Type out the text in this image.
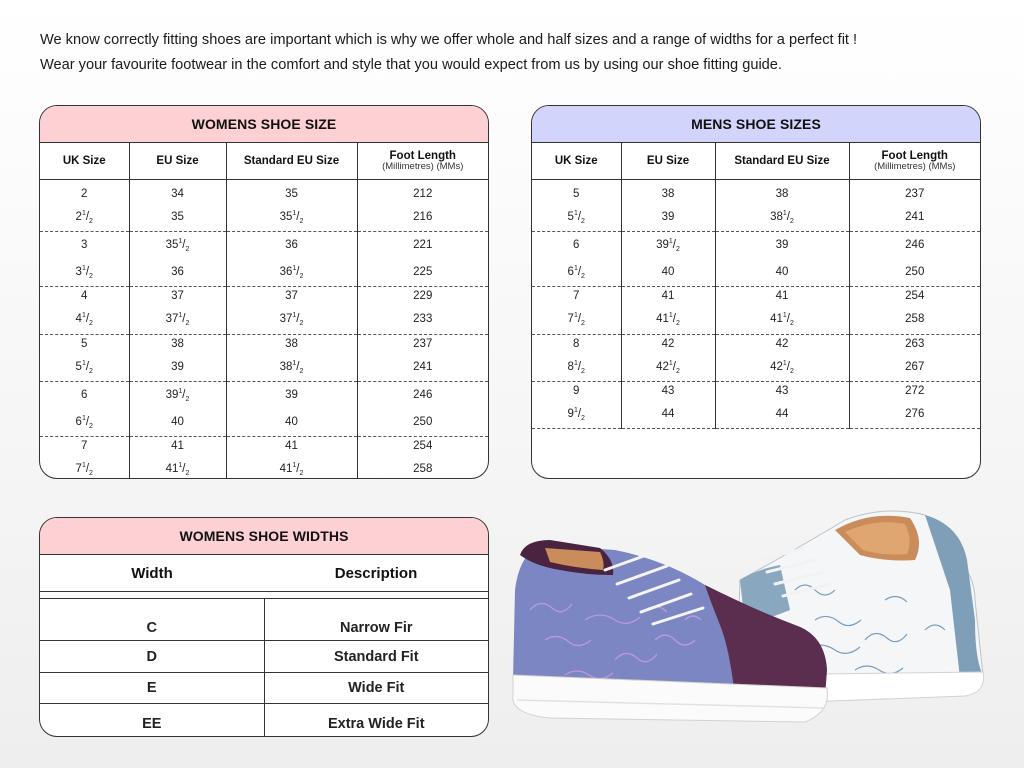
We know correctly fitting shoes are important which is why we offer whole and half sizes and a range of widths for a perfect fit !
Wear your favourite footwear in the comfort and style that you would expect from us by using our shoe fitting guide.
WOMENS SHOE SIZE
UK Size	EU Size	Standard EU Size	Foot Length
(Millimetres) (MMs)

2	34	35	212
$2^1/_2$	35	$35^1/_2$	216
3	$35^1/_2$	36	221
$3^1/_2$	36	$36^1/_2$	225
4	37	37	229
$4^1/_2$	$37^1/_2$	$37^1/_2$	233
5	38	38	237
$5^1/_2$	39	$38^1/_2$	241
6	$39^1/_2$	39	246
$6^1/_2$	40	40	250
7	41	41	254
$7^1/_2$	$41^1/_2$	$41^1/_2$	258

MENS SHOE SIZES
UK Size	EU Size	Standard EU Size	Foot Length
(Millimetres) (MMs)

5	38	38	237
$5^1/_2$	39	$38^1/_2$	241
6	$39^1/_2$	39	246
$6^1/_2$	40	40	250
7	41	41	254
$7^1/_2$	$41^1/_2$	$41^1/_2$	258
8	42	42	263
$8^1/_2$	$42^1/_2$	$42^1/_2$	267
9	43	43	272
$9^1/_2$	44	44	276
WOMENS SHOE WIDTHS
Width	Description

C	Narrow Fir
D	Standard Fit
E	Wide Fit
EE	Extra Wide Fit
